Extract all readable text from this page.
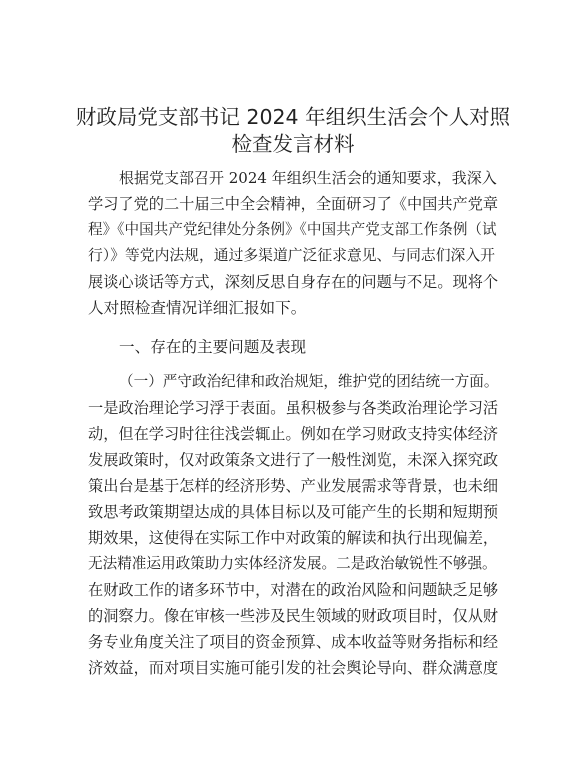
财政局党支部书记 2024 年组织生活会个人对照
检查发言材料
根据党支部召开 2024 年组织生活会的通知要求，我深入
学习了党的二十届三中全会精神，全面研习了《中国共产党章
程》《中国共产党纪律处分条例》《中国共产党支部工作条例（试
行）》等党内法规，通过多渠道广泛征求意见、与同志们深入开
展谈心谈话等方式，深刻反思自身存在的问题与不足。现将个
人对照检查情况详细汇报如下。
一、存在的主要问题及表现
（一）严守政治纪律和政治规矩，维护党的团结统一方面。
一是政治理论学习浮于表面。虽积极参与各类政治理论学习活
动，但在学习时往往浅尝辄止。例如在学习财政支持实体经济
发展政策时，仅对政策条文进行了一般性浏览，未深入探究政
策出台是基于怎样的经济形势、产业发展需求等背景，也未细
致思考政策期望达成的具体目标以及可能产生的长期和短期预
期效果，这使得在实际工作中对政策的解读和执行出现偏差，
无法精准运用政策助力实体经济发展。二是政治敏锐性不够强。
在财政工作的诸多环节中，对潜在的政治风险和问题缺乏足够
的洞察力。像在审核一些涉及民生领域的财政项目时，仅从财
务专业角度关注了项目的资金预算、成本收益等财务指标和经
济效益，而对项目实施可能引发的社会舆论导向、群众满意度
